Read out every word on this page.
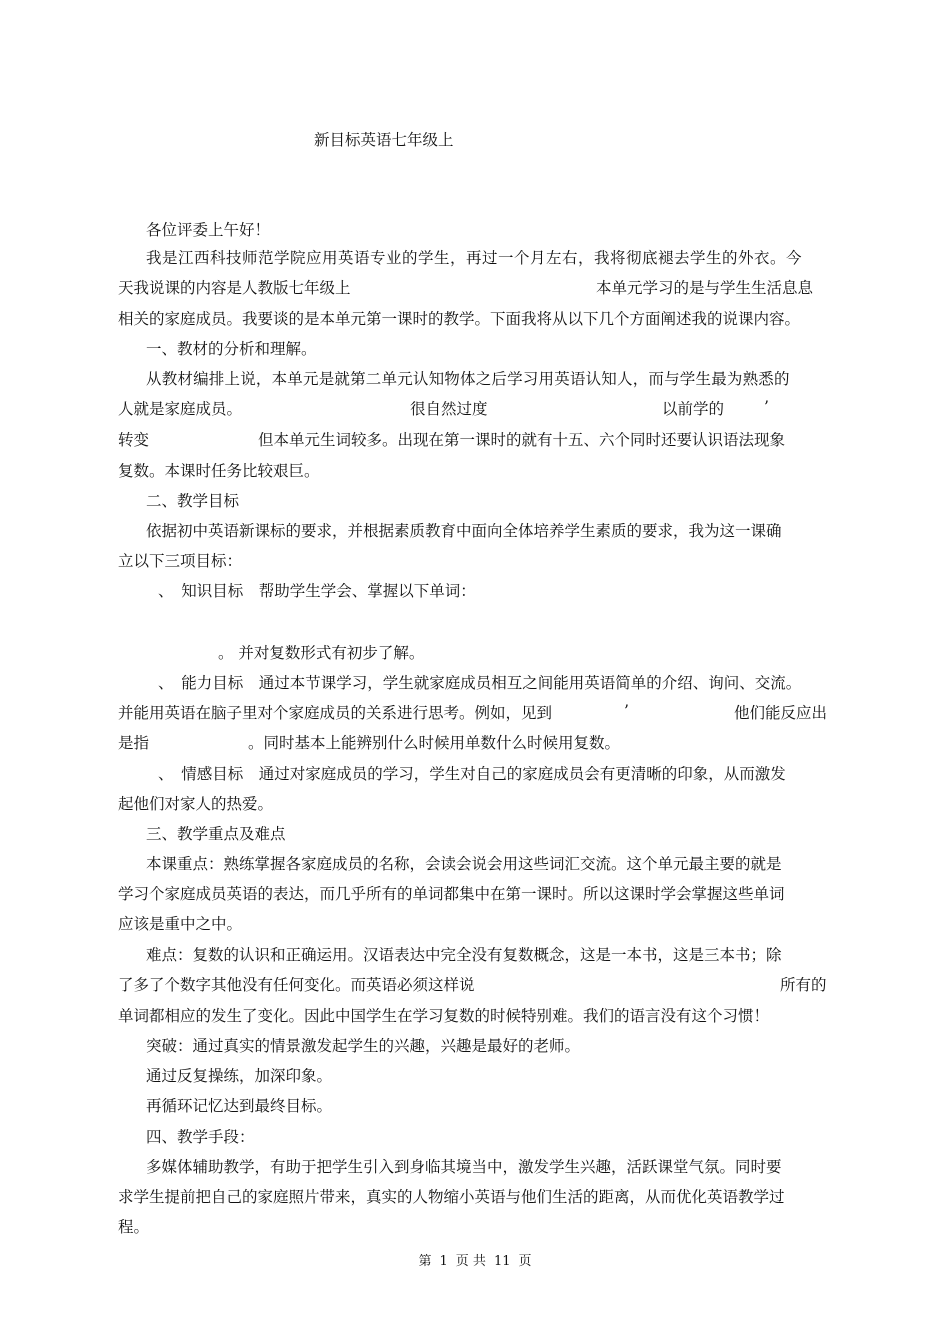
新目标英语七年级上
各位评委上午好！
我是江西科技师范学院应用英语专业的学生，再过一个月左右，我将彻底褪去学生的外衣。今
天我说课的内容是人教版七年级上	本单元学习的是与学生生活息息
相关的家庭成员。我要谈的是本单元第一课时的教学。下面我将从以下几个方面阐述我的说课内容。
一、教材的分析和理解。
从教材编排上说，本单元是就第二单元认知物体之后学习用英语认知人，而与学生最为熟悉的
人就是家庭成员。	很自然过度	以前学的	’
转变	但本单元生词较多。出现在第一课时的就有十五、六个同时还要认识语法现象
复数。本课时任务比较艰巨。
二、教学目标
依据初中英语新课标的要求，并根据素质教育中面向全体培养学生素质的要求，我为这一课确
立以下三项目标：
、　知识目标　帮助学生学会、掌握以下单词：
。 并对复数形式有初步了解。
、　能力目标　通过本节课学习，学生就家庭成员相互之间能用英语简单的介绍、询问、交流。
并能用英语在脑子里对个家庭成员的关系进行思考。例如，见到	’	他们能反应出
是指	。同时基本上能辨别什么时候用单数什么时候用复数。
、　情感目标　通过对家庭成员的学习，学生对自己的家庭成员会有更清晰的印象，从而激发
起他们对家人的热爱。
三、教学重点及难点
本课重点：熟练掌握各家庭成员的名称，会读会说会用这些词汇交流。这个单元最主要的就是
学习个家庭成员英语的表达，而几乎所有的单词都集中在第一课时。所以这课时学会掌握这些单词
应该是重中之中。
难点：复数的认识和正确运用。汉语表达中完全没有复数概念，这是一本书，这是三本书；除
了多了个数字其他没有任何变化。而英语必须这样说	所有的
单词都相应的发生了变化。因此中国学生在学习复数的时候特别难。我们的语言没有这个习惯！
突破：通过真实的情景激发起学生的兴趣，兴趣是最好的老师。
通过反复操练，加深印象。
再循环记忆达到最终目标。
四、教学手段：
多媒体辅助教学，有助于把学生引入到身临其境当中，激发学生兴趣，活跃课堂气氛。同时要
求学生提前把自己的家庭照片带来，真实的人物缩小英语与他们生活的距离，从而优化英语教学过
程。
第 1 页 共 11 页
